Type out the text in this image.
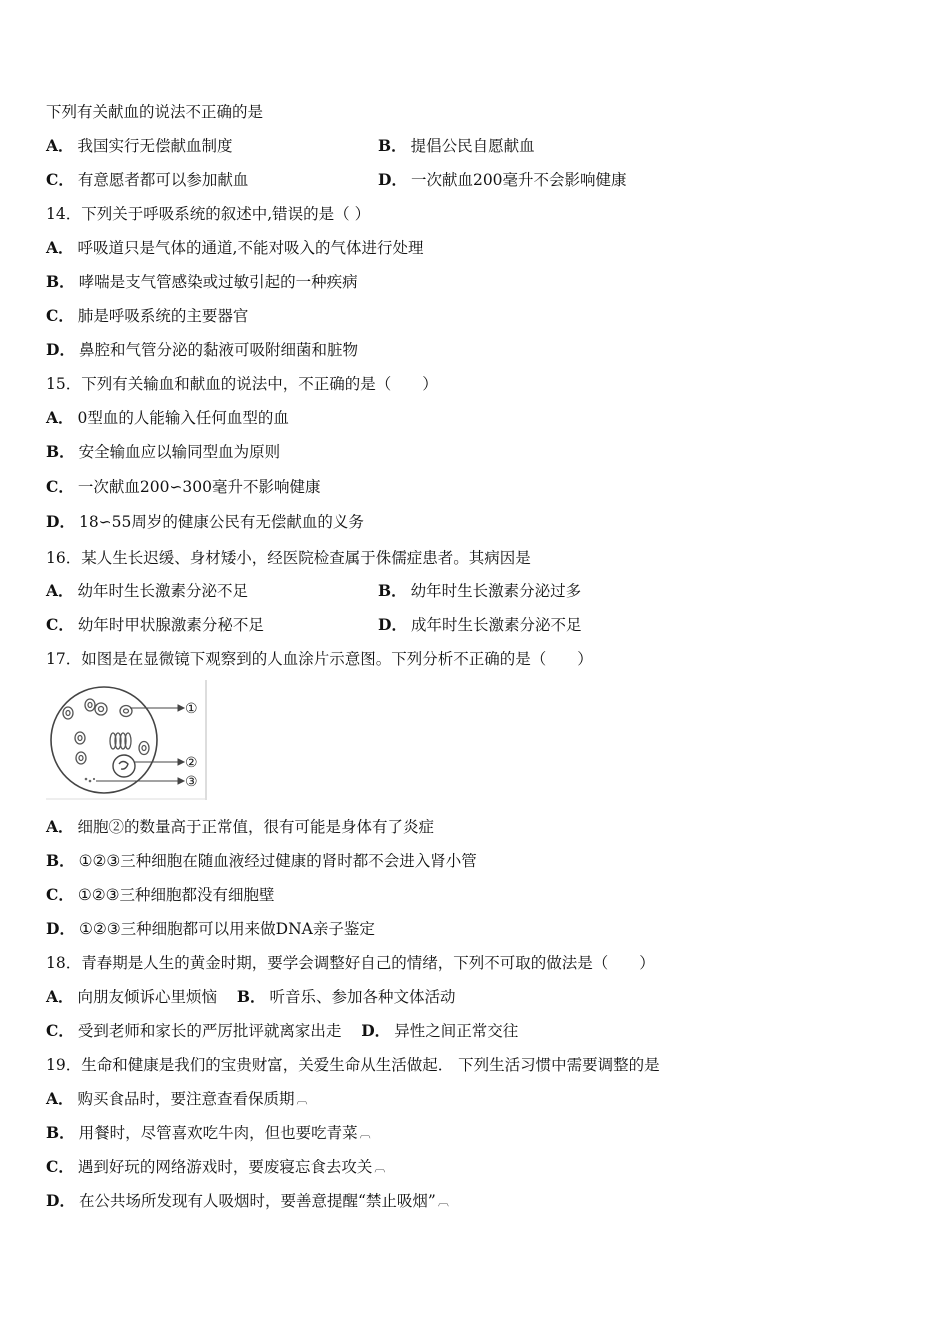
下列有关献血的说法不正确的是
A． 我国实行无偿献血制度	B． 提倡公民自愿献血
C． 有意愿者都可以参加献血	D． 一次献血200毫升不会影响健康
14．下列关于呼吸系统的叙述中,错误的是（ ）
A． 呼吸道只是气体的通道,不能对吸入的气体进行处理
B． 哮喘是支气管感染或过敏引起的一种疾病
C． 肺是呼吸系统的主要器官
D． 鼻腔和气管分泌的黏液可吸附细菌和脏物
15．下列有关输血和献血的说法中，不正确的是（　　）
A． 0型血的人能输入任何血型的血
B． 安全输血应以输同型血为原则
C． 一次献血200∽300毫升不影响健康
D． 18∽55周岁的健康公民有无偿献血的义务
16．某人生长迟缓、身材矮小，经医院检查属于侏儒症患者。其病因是
A． 幼年时生长激素分泌不足	B． 幼年时生长激素分泌过多
C． 幼年时甲状腺激素分秘不足	D． 成年时生长激素分泌不足
17．如图是在显微镜下观察到的人血涂片示意图。下列分析不正确的是（　　）
①
②
③
A． 细胞②的数量高于正常值，很有可能是身体有了炎症
B． ①②③三种细胞在随血液经过健康的肾时都不会进入肾小管
C． ①②③三种细胞都没有细胞壁
D． ①②③三种细胞都可以用来做DNA亲子鉴定
18．青春期是人生的黄金时期，要学会调整好自己的情绪，下列不可取的做法是（　　）
A． 向朋友倾诉心里烦恼 B． 听音乐、参加各种文体活动
C． 受到老师和家长的严厉批评就离家出走 D． 异性之间正常交往
19．生命和健康是我们的宝贵财富，关爱生命从生活做起． 下列生活习惯中需要调整的是
A． 购买食品时，要注意查看保质期 ︹
B． 用餐时，尽管喜欢吃牛肉，但也要吃青菜 ︹
C． 遇到好玩的网络游戏时，要废寝忘食去攻关 ︹
D． 在公共场所发现有人吸烟时，要善意提醒“禁止吸烟” ︹
